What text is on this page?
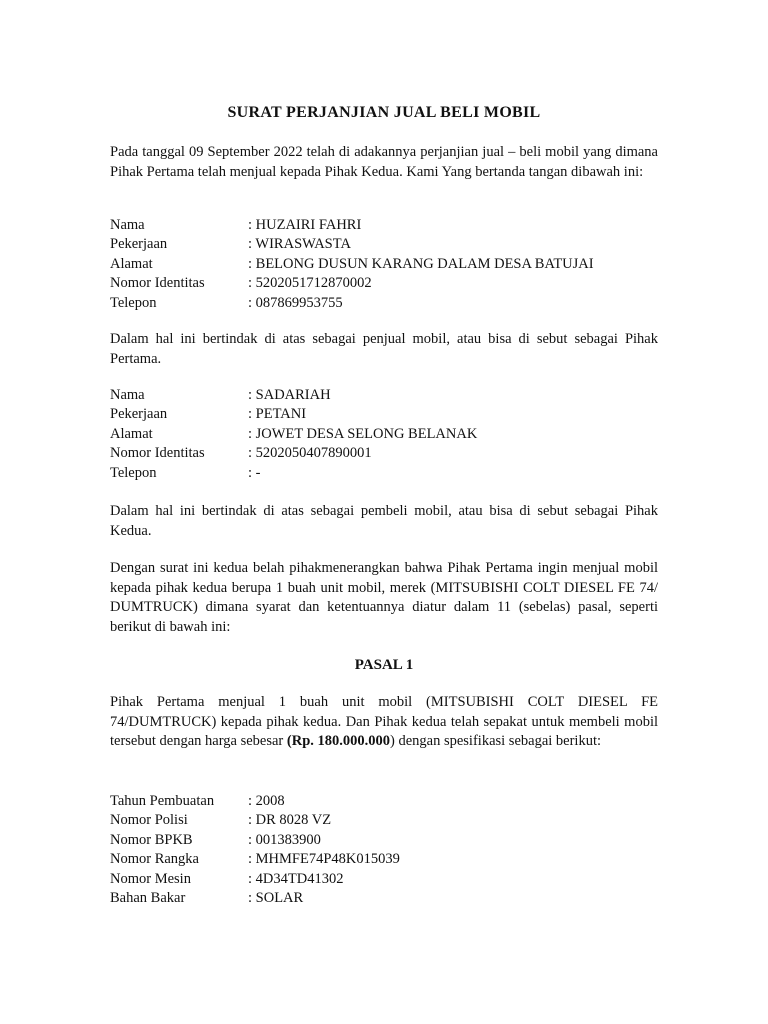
SURAT PERJANJIAN JUAL BELI MOBIL
Pada tanggal 09 September 2022 telah di adakannya perjanjian jual – beli mobil yang dimana Pihak Pertama telah menjual kepada Pihak Kedua. Kami Yang bertanda tangan dibawah ini:
Nama	: HUZAIRI FAHRI
Pekerjaan	: WIRASWASTA
Alamat	: BELONG DUSUN KARANG DALAM DESA BATUJAI
Nomor Identitas	: 5202051712870002
Telepon	: 087869953755
Dalam hal ini bertindak di atas sebagai penjual mobil, atau bisa di sebut sebagai Pihak Pertama.
Nama	: SADARIAH
Pekerjaan	: PETANI
Alamat	: JOWET DESA SELONG BELANAK
Nomor Identitas	: 5202050407890001
Telepon	: -
Dalam hal ini bertindak di atas sebagai pembeli mobil, atau bisa di sebut sebagai Pihak Kedua.
Dengan surat ini kedua belah pihakmenerangkan bahwa Pihak Pertama ingin menjual mobil kepada pihak kedua berupa 1 buah unit mobil, merek (MITSUBISHI COLT DIESEL FE 74/ DUMTRUCK) dimana syarat dan ketentuannya diatur dalam 11 (sebelas) pasal, seperti berikut di bawah ini:
PASAL 1
Pihak Pertama menjual 1 buah unit mobil (MITSUBISHI COLT DIESEL FE 74/DUMTRUCK) kepada pihak kedua. Dan Pihak kedua telah sepakat untuk membeli mobil tersebut dengan harga sebesar (Rp. 180.000.000) dengan spesifikasi sebagai berikut:
Tahun Pembuatan	: 2008
Nomor Polisi	: DR 8028 VZ
Nomor BPKB	: 001383900
Nomor Rangka	: MHMFE74P48K015039
Nomor Mesin	: 4D34TD41302
Bahan Bakar	: SOLAR
